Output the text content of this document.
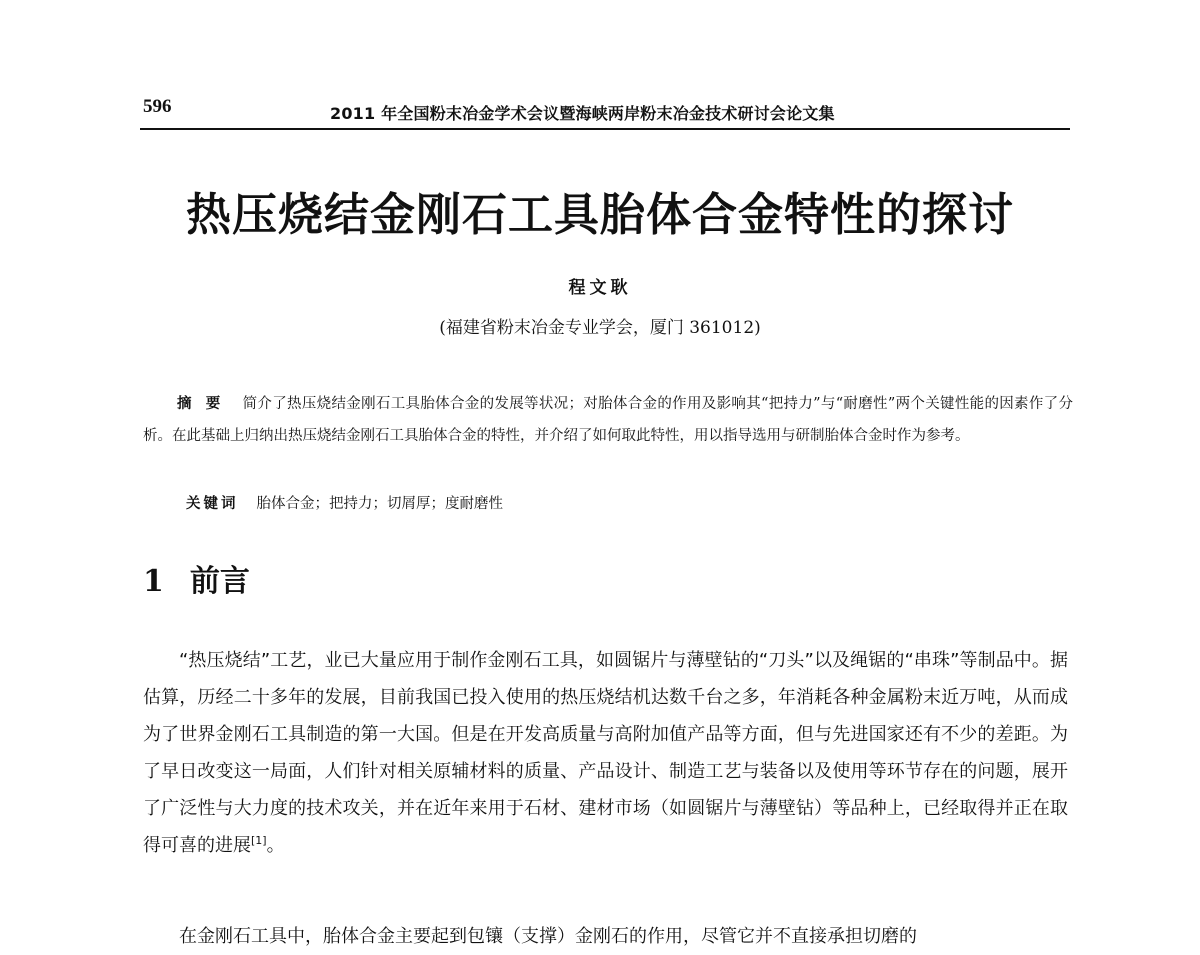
596	2011 年全国粉末冶金学术会议暨海峡两岸粉末冶金技术研讨会论文集
热压烧结金刚石工具胎体合金特性的探讨
程文耿
(福建省粉末冶金专业学会，厦门 361012)
摘要 简介了热压烧结金刚石工具胎体合金的发展等状况；对胎体合金的作用及影响其“把持力”与“耐磨性”两个关键性能的因素作了分析。在此基础上归纳出热压烧结金刚石工具胎体合金的特性，并介绍了如何取此特性，用以指导选用与研制胎体合金时作为参考。
关键词 胎体合金；把持力；切屑厚；度耐磨性
1 前言
“热压烧结”工艺，业已大量应用于制作金刚石工具，如圆锯片与薄壁钻的“刀头”以及绳锯的“串珠”等制品中。据估算，历经二十多年的发展，目前我国已投入使用的热压烧结机达数千台之多，年消耗各种金属粉末近万吨，从而成为了世界金刚石工具制造的第一大国。但是在开发高质量与高附加值产品等方面，但与先进国家还有不少的差距。为了早日改变这一局面，人们针对相关原辅材料的质量、产品设计、制造工艺与装备以及使用等环节存在的问题，展开了广泛性与大力度的技术攻关，并在近年来用于石材、建材市场（如圆锯片与薄壁钻）等品种上，已经取得并正在取得可喜的进展[1]。
在金刚石工具中，胎体合金主要起到包镶（支撑）金刚石的作用，尽管它并不直接承担切磨的
